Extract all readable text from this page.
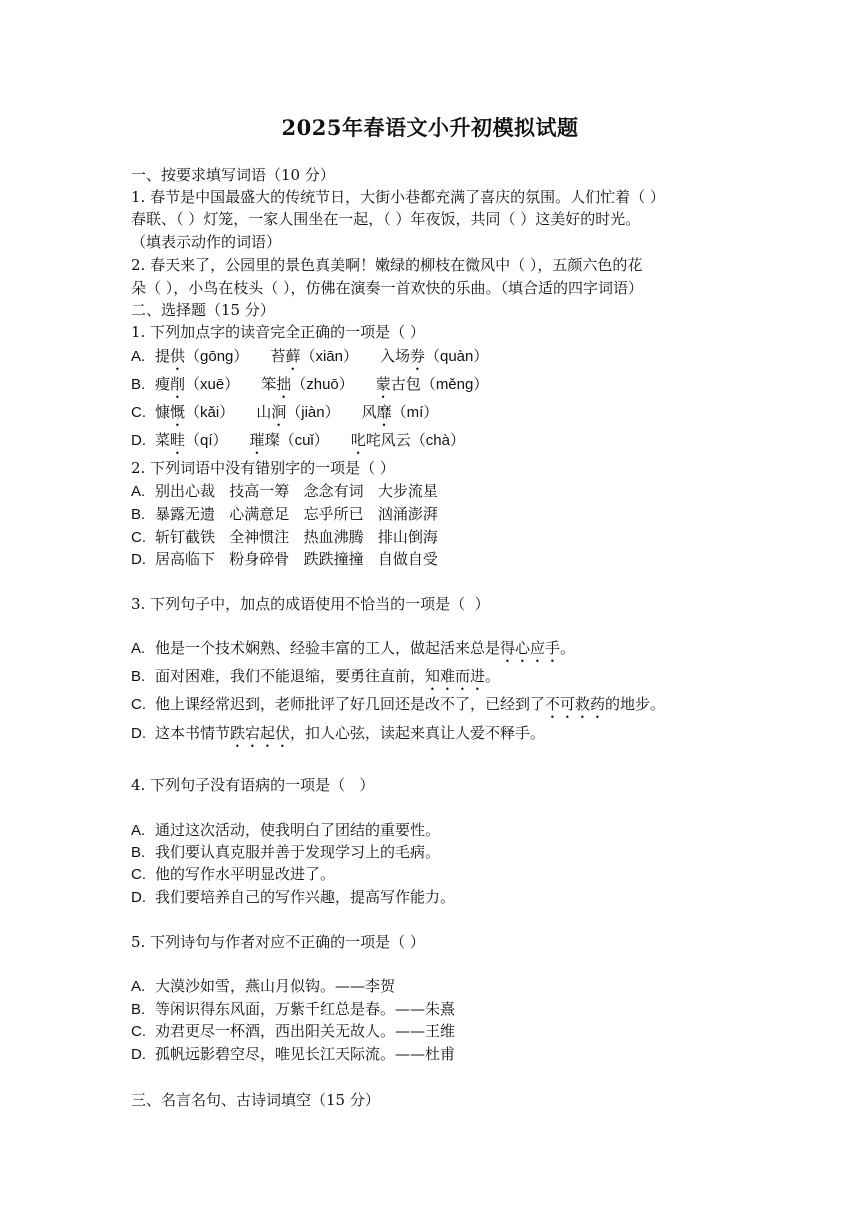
2025年春语文小升初模拟试题
一、按要求填写词语（10 分）
1. 春节是中国最盛大的传统节日，大街小巷都充满了喜庆的氛围。人们忙着（ ）
春联、（ ）灯笼，一家人围坐在一起，（ ）年夜饭，共同（ ）这美好的时光。
（填表示动作的词语）
2. 春天来了，公园里的景色真美啊！嫩绿的柳枝在微风中（ ），五颜六色的花
朵（ ），小鸟在枝头（ ），仿佛在演奏一首欢快的乐曲。（填合适的四字词语）
二、选择题（15 分）
1. 下列加点字的读音完全正确的一项是（ ）
A. 提供（gōng） 苔藓（xiān） 入场券（quàn）
B. 瘦削（xuē） 笨拙（zhuō） 蒙古包（měng）
C. 慷慨（kǎi） 山涧（jiàn） 风靡（mí）
D. 菜畦（qí） 璀璨（cuǐ） 叱咤风云（chà）
2. 下列词语中没有错别字的一项是（ ）
A. 别出心裁   技高一筹   念念有词   大步流星
B. 暴露无遗   心满意足   忘乎所已   汹涌澎湃
C. 斩钉截铁   全神惯注   热血沸腾   排山倒海
D. 居高临下   粉身碎骨   跌跌撞撞   自做自受
3. 下列句子中，加点的成语使用不恰当的一项是（  ）
A. 他是一个技术娴熟、经验丰富的工人，做起活来总是得心应手。
B. 面对困难，我们不能退缩，要勇往直前，知难而进。
C. 他上课经常迟到，老师批评了好几回还是改不了，已经到了不可救药的地步。
D. 这本书情节跌宕起伏，扣人心弦，读起来真让人爱不释手。
4. 下列句子没有语病的一项是（   ）
A. 通过这次活动，使我明白了团结的重要性。
B. 我们要认真克服并善于发现学习上的毛病。
C. 他的写作水平明显改进了。
D. 我们要培养自己的写作兴趣，提高写作能力。
5. 下列诗句与作者对应不正确的一项是（ ）
A. 大漠沙如雪，燕山月似钩。——李贺
B. 等闲识得东风面，万紫千红总是春。——朱熹
C. 劝君更尽一杯酒，西出阳关无故人。——王维
D. 孤帆远影碧空尽，唯见长江天际流。——杜甫
三、名言名句、古诗词填空（15 分）
